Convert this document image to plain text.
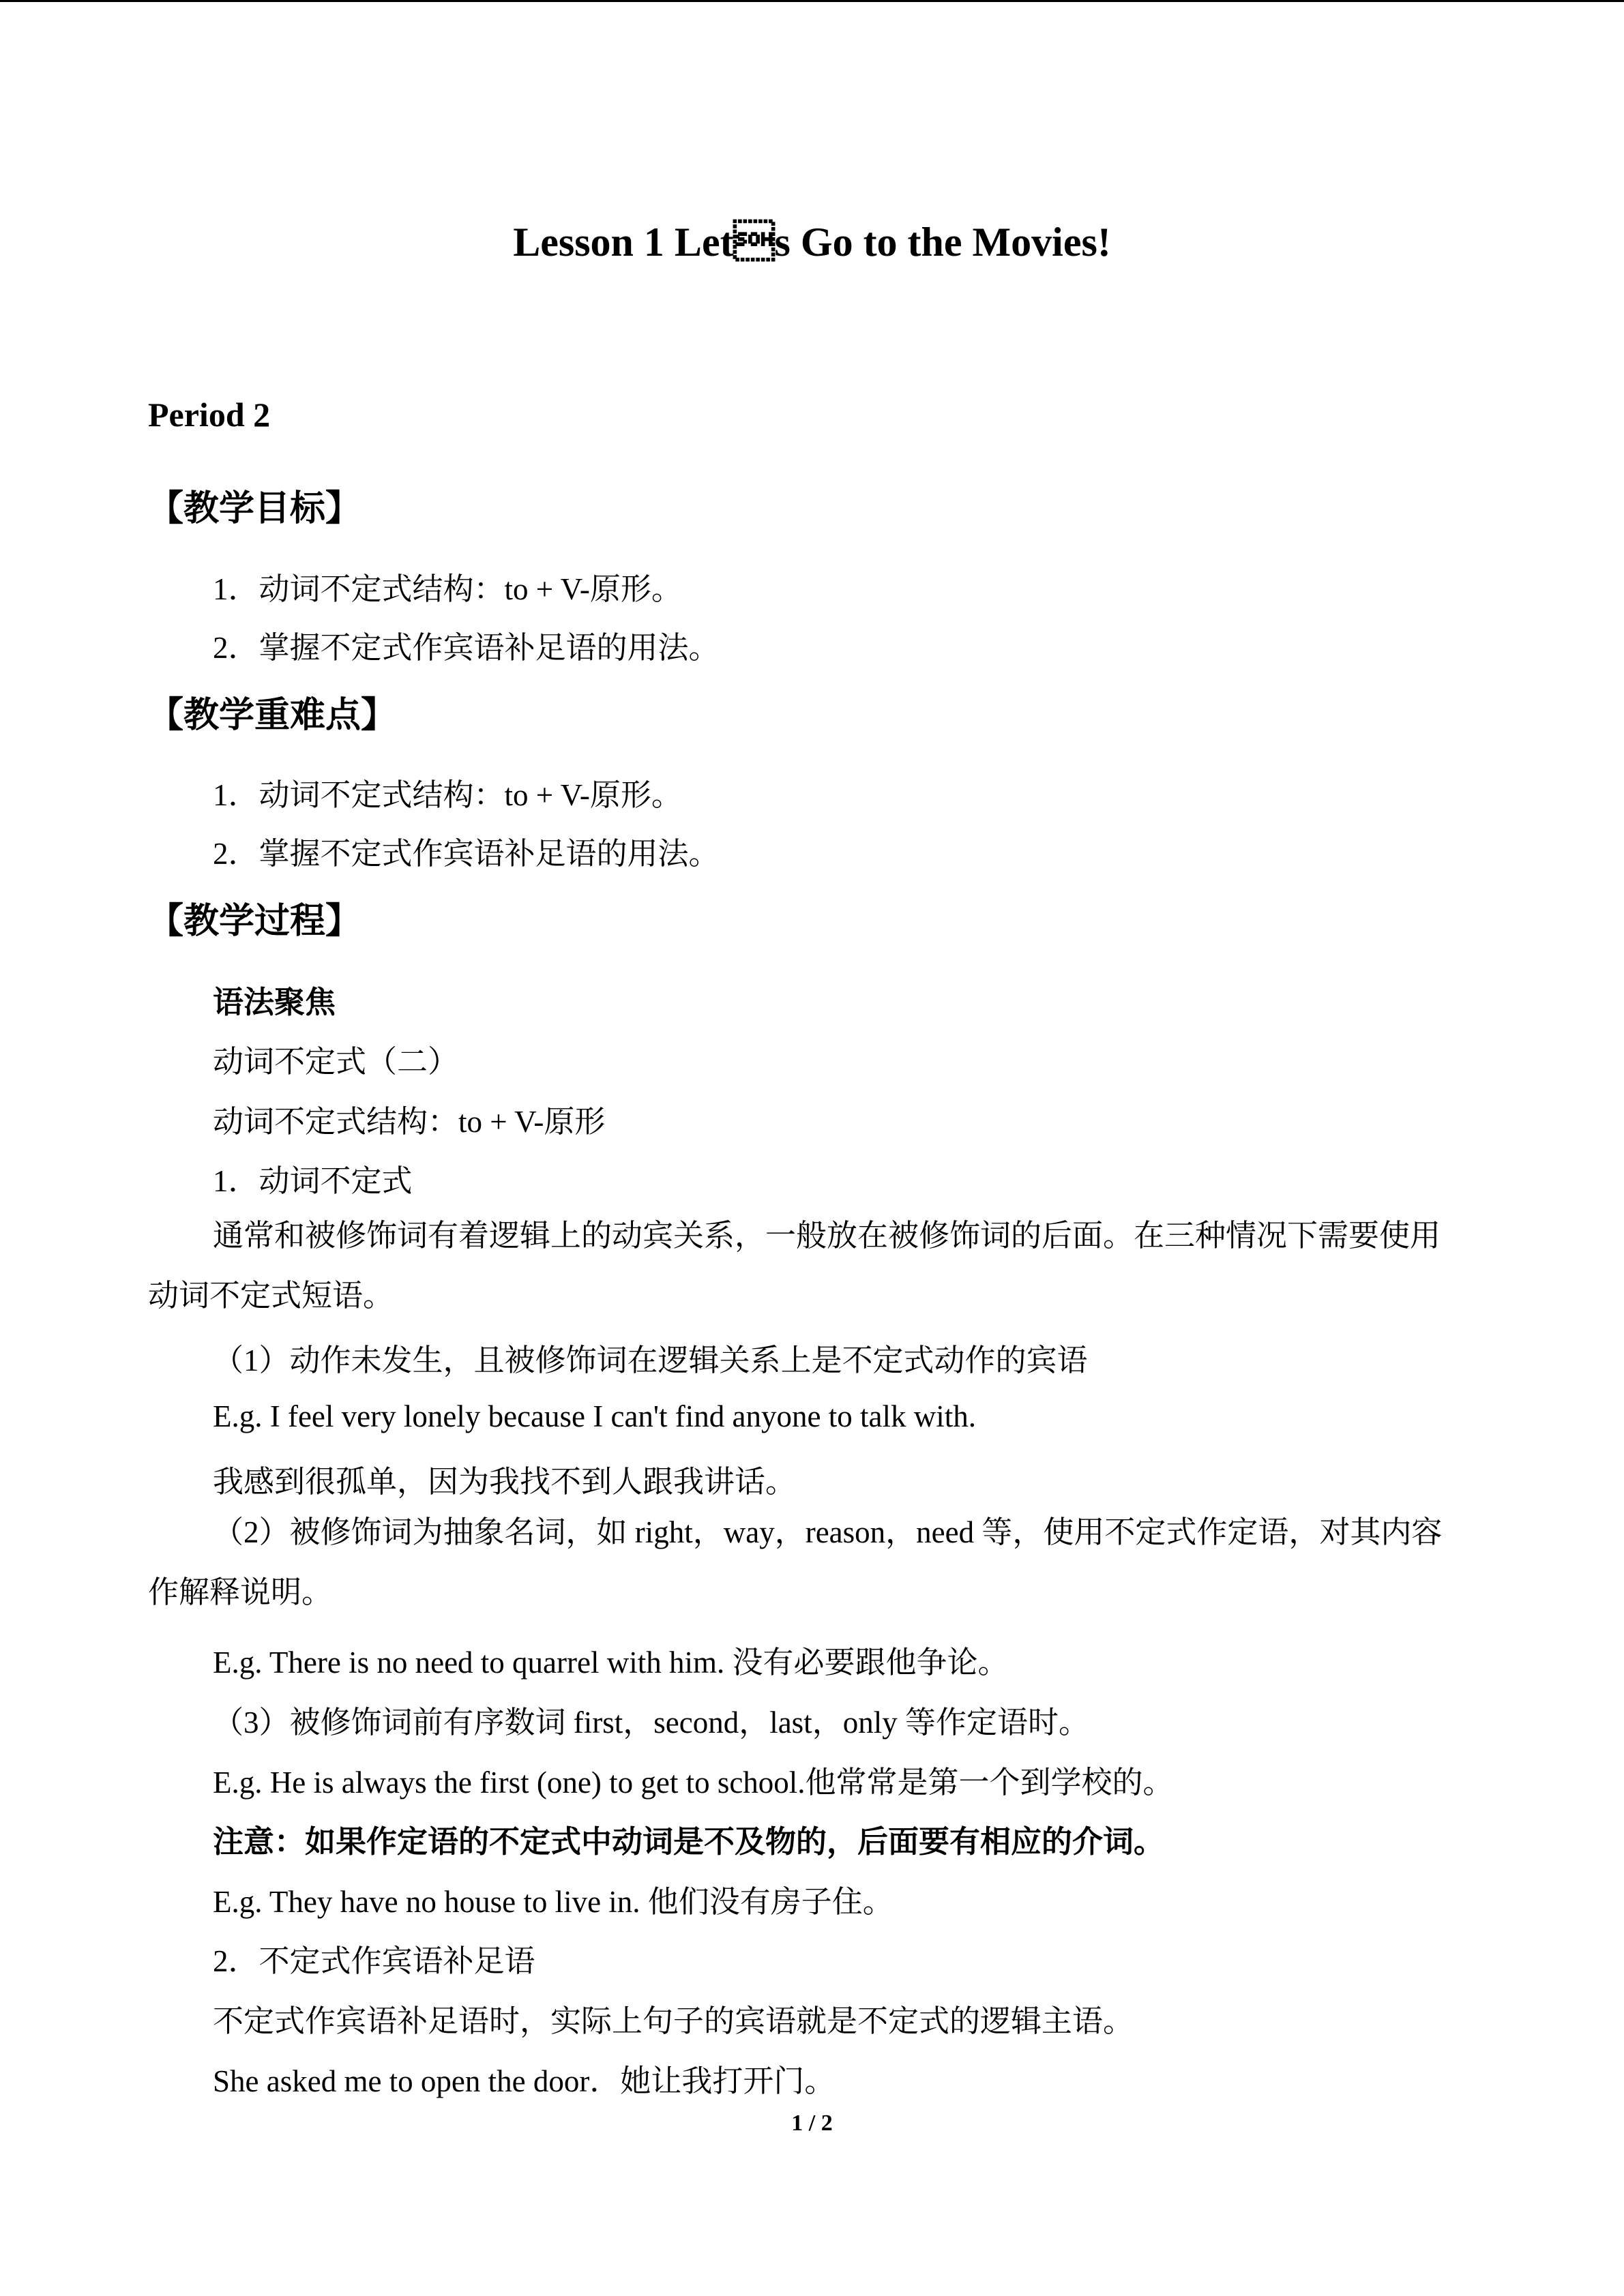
Lesson 1 Lets Go to the Movies!
Period 2
【教学目标】
1．动词不定式结构：to + V-原形。
2．掌握不定式作宾语补足语的用法。
【教学重难点】
1．动词不定式结构：to + V-原形。
2．掌握不定式作宾语补足语的用法。
【教学过程】
语法聚焦
动词不定式（二）
动词不定式结构：to + V-原形
1．动词不定式
通常和被修饰词有着逻辑上的动宾关系，一般放在被修饰词的后面。在三种情况下需要使用动词不定式短语。
（1）动作未发生，且被修饰词在逻辑关系上是不定式动作的宾语
E.g. I feel very lonely because I can't find anyone to talk with.
我感到很孤单，因为我找不到人跟我讲话。
（2）被修饰词为抽象名词，如 right，way，reason，need 等，使用不定式作定语，对其内容作解释说明。
E.g. There is no need to quarrel with him. 没有必要跟他争论。
（3）被修饰词前有序数词 first，second，last，only 等作定语时。
E.g. He is always the first (one) to get to school.他常常是第一个到学校的。
注意：如果作定语的不定式中动词是不及物的，后面要有相应的介词。
E.g. They have no house to live in. 他们没有房子住。
2．不定式作宾语补足语
不定式作宾语补足语时，实际上句子的宾语就是不定式的逻辑主语。
She asked me to open the door．她让我打开门。
1 / 2
